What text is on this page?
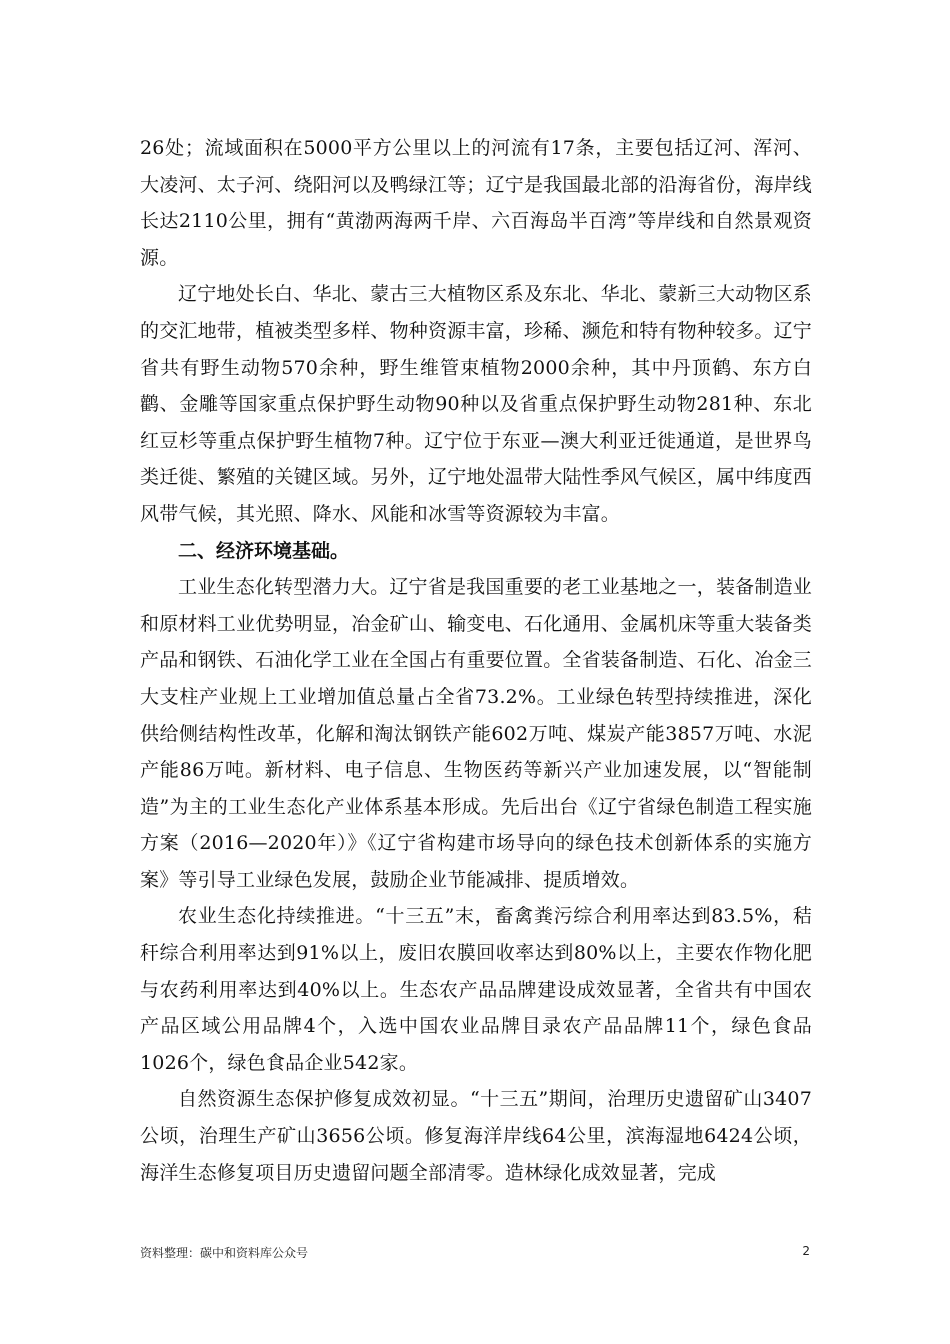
26处；流域面积在5000平方公里以上的河流有17条，主要包括辽河、浑河、大凌河、太子河、绕阳河以及鸭绿江等；辽宁是我国最北部的沿海省份，海岸线长达2110公里，拥有“黄渤两海两千岸、六百海岛半百湾”等岸线和自然景观资源。

辽宁地处长白、华北、蒙古三大植物区系及东北、华北、蒙新三大动物区系的交汇地带，植被类型多样、物种资源丰富，珍稀、濒危和特有物种较多。辽宁省共有野生动物570余种，野生维管束植物2000余种，其中丹顶鹤、东方白鹳、金雕等国家重点保护野生动物90种以及省重点保护野生动物281种、东北红豆杉等重点保护野生植物7种。辽宁位于东亚—澳大利亚迁徙通道，是世界鸟类迁徙、繁殖的关键区域。另外，辽宁地处温带大陆性季风气候区，属中纬度西风带气候，其光照、降水、风能和冰雪等资源较为丰富。

二、经济环境基础。

工业生态化转型潜力大。辽宁省是我国重要的老工业基地之一，装备制造业和原材料工业优势明显，冶金矿山、输变电、石化通用、金属机床等重大装备类产品和钢铁、石油化学工业在全国占有重要位置。全省装备制造、石化、冶金三大支柱产业规上工业增加值总量占全省73.2%。工业绿色转型持续推进，深化供给侧结构性改革，化解和淘汰钢铁产能602万吨、煤炭产能3857万吨、水泥产能86万吨。新材料、电子信息、生物医药等新兴产业加速发展，以“智能制造”为主的工业生态化产业体系基本形成。先后出台《辽宁省绿色制造工程实施方案（2016—2020年）》《辽宁省构建市场导向的绿色技术创新体系的实施方案》等引导工业绿色发展，鼓励企业节能减排、提质增效。

农业生态化持续推进。“十三五”末，畜禽粪污综合利用率达到83.5%，秸秆综合利用率达到91%以上，废旧农膜回收率达到80%以上，主要农作物化肥与农药利用率达到40%以上。生态农产品品牌建设成效显著，全省共有中国农产品区域公用品牌4个，入选中国农业品牌目录农产品品牌11个，绿色食品1026个，绿色食品企业542家。

自然资源生态保护修复成效初显。“十三五”期间，治理历史遗留矿山3407公顷，治理生产矿山3656公顷。修复海洋岸线64公里，滨海湿地6424公顷，海洋生态修复项目历史遗留问题全部清零。造林绿化成效显著，完成

资料整理：碳中和资料库公众号	2
